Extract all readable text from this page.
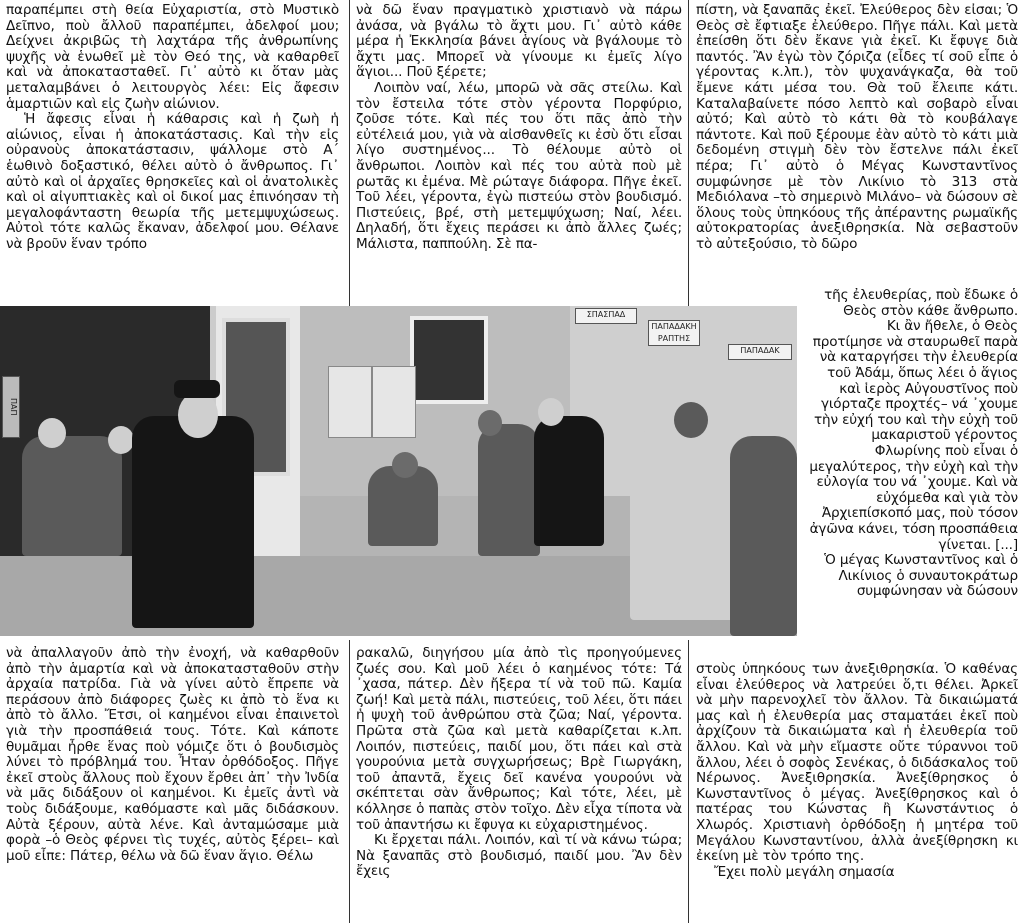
παραπέμπει στὴ θεία Εὐχαριστία, στὸ Μυστικὸ Δεῖπνο, ποὺ ἄλλοῦ παραπέμπει, ἀδελφοί μου; Δείχνει ἀκριβῶς τὴ λαχτάρα τῆς ἀνθρωπίνης ψυχῆς νὰ ἑνωθεῖ μὲ τὸν Θεό της, νὰ καθαρθεῖ καὶ νὰ ἀποκατασταθεῖ. Γι᾽ αὐτὸ κι ὅταν μὰς μεταλαμβάνει ὁ λειτουργὸς λέει: Εἰς ἄφεσιν ἁμαρτιῶν καὶ εἰς ζωὴν αἰώνιον.

Ἡ ἄφεσις εἶναι ἡ κάθαρσις καὶ ἡ ζωὴ ἡ αἰώνιος, εἶναι ἡ ἀποκατάστασις. Καὶ τὴν εἰς οὐρανοὺς ἀποκατάστασιν, ψάλλομε στὸ Α΄ ἑωθινὸ δοξαστικό, θέλει αὐτὸ ὁ ἄνθρωπος. Γι᾽ αὐτὸ καὶ οἱ ἀρχαῖες θρησκεῖες καὶ οἱ ἀνατολικὲς καὶ οἱ αἰγυπτιακὲς καὶ οἱ δικοί μας ἐπινόησαν τὴ μεγαλοφάνταστη θεωρία τῆς μετεμψυχώσεως. Αὐτοὶ τότε καλῶς ἔκαναν, ἀδελφοί μου. Θέλανε νὰ βροῦν ἕναν τρόπο

νὰ δῶ ἕναν πραγματικὸ χριστιανὸ νὰ πάρω ἀνάσα, νὰ βγάλω τὸ ἄχτι μου. Γι᾽ αὐτὸ κάθε μέρα ἡ Ἐκκλησία βάνει ἁγίους νὰ βγάλουμε τὸ ἄχτι μας. Μπορεῖ νὰ γίνουμε κι ἐμεῖς λίγο ἅγιοι... Ποῦ ξέρετε;

Λοιπὸν ναί, λέω, μπορῶ νὰ σᾶς στείλω. Καὶ τὸν ἔστειλα τότε στὸν γέροντα Πορφύριο, ζοῦσε τότε. Καὶ πές του ὅτι πᾶς ἀπὸ τὴν εὐτέλειά μου, γιὰ νὰ αἰσθανθεῖς κι ἐσὺ ὅτι εἶσαι λίγο συστημένος... Τὸ θέλουμε αὐτὸ οἱ ἄνθρωποι. Λοιπὸν καὶ πές του αὐτὰ ποὺ μὲ ρωτᾶς κι ἐμένα. Μὲ ρώταγε διάφορα. Πῆγε ἐκεῖ. Τοῦ λέει, γέροντα, ἐγὼ πιστεύω στὸν βουδισμό. Πιστεύεις, βρέ, στὴ μετεμψύχωση; Ναί, λέει. Δηλαδή, ὅτι ἔχεις περάσει κι ἀπὸ ἄλλες ζωές; Μάλιστα, παππούλη. Σὲ πα-

πίστη, νὰ ξαναπᾶς ἐκεῖ. Ἐλεύθερος δὲν εἶσαι; Ὁ Θεὸς σὲ ἔφτιαξε ἐλεύθερο. Πῆγε πάλι. Καὶ μετὰ ἐπείσθη ὅτι δὲν ἔκανε γιὰ ἐκεῖ. Κι ἔφυγε διὰ παντός. Ἂν ἐγὼ τὸν ζόριζα (εἶδες τί σοῦ εἶπε ὁ γέροντας κ.λπ.), τὸν ψυχανάγκαζα, θὰ τοῦ ἔμενε κάτι μέσα του. Θὰ τοῦ ἔλειπε κάτι. Καταλαβαίνετε πόσο λεπτὸ καὶ σοβαρὸ εἶναι αὐτό; Καὶ αὐτὸ τὸ κάτι θὰ τὸ κουβάλαγε πάντοτε. Καὶ ποῦ ξέρουμε ἐὰν αὐτὸ τὸ κάτι μιὰ δεδομένη στιγμὴ δὲν τὸν ἔστελνε πάλι ἐκεῖ πέρα; Γι᾽ αὐτὸ ὁ Μέγας Κωνσταντῖνος συμφώνησε μὲ τὸν Λικίνιο τὸ 313 στὰ Μεδιόλανα –τὸ σημερινὸ Μιλάνο– νὰ δώσουν σὲ ὅλους τοὺς ὑπηκόους τῆς ἀπέραντης ρωμαϊκῆς αὐτοκρατορίας ἀνεξιθρησκία. Νὰ σεβαστοῦν τὸ αὐτεξούσιο, τὸ δῶρο

τῆς ἐλευθερίας, ποὺ ἔδωκε ὁ Θεὸς στὸν κάθε ἄνθρωπο.

Κι ἂν ἤθελε, ὁ Θεὸς προτίμησε νὰ σταυρωθεῖ παρὰ νὰ καταργήσει τὴν ἐλευθερία τοῦ Ἀδάμ, ὅπως λέει ὁ ἅγιος καὶ ἱερὸς Αὐγουστῖνος ποὺ γιόρταζε προχτές– νά ᾽χουμε τὴν εὐχή του καὶ τὴν εὐχὴ τοῦ μακαριστοῦ γέροντος Φλωρίνης ποὺ εἶναι ὁ μεγαλύτερος, τὴν εὐχὴ καὶ τὴν εὐλογία του νά ᾽χουμε. Καὶ νὰ εὐχόμεθα καὶ γιὰ τὸν Ἀρχιεπίσκοπό μας, ποὺ τόσον ἀγῶνα κάνει, τόση προσπάθεια γίνεται. [...]

Ὁ μέγας Κωνσταντῖνος καὶ ὁ Λικίνιος ὁ συναυτοκράτωρ συμφώνησαν νὰ δώσουν

ΠΑΠ
ΣΠΑΣΠΑΔ
ΠΑΠΑΔΑΚΗ ΡΑΠΤΗΣ
ΠΑΠΑΔΑΚ

νὰ ἀπαλλαγοῦν ἀπὸ τὴν ἐνοχή, νὰ καθαρθοῦν ἀπὸ τὴν ἁμαρτία καὶ νὰ ἀποκατασταθοῦν στὴν ἀρχαία πατρίδα. Γιὰ νὰ γίνει αὐτὸ ἔπρεπε νὰ περάσουν ἀπὸ διάφορες ζωὲς κι ἀπὸ τὸ ἕνα κι ἀπὸ τὸ ἄλλο. Ἔτσι, οἱ καημένοι εἶναι ἐπαινετοὶ γιὰ τὴν προσπάθειά τους. Τότε. Καὶ κάποτε θυμᾶμαι ἦρθε ἕνας ποὺ νόμιζε ὅτι ὁ βουδισμὸς λύνει τὸ πρόβλημά του. Ἦταν ὀρθόδοξος. Πῆγε ἐκεῖ στοὺς ἄλλους ποὺ ἔχουν ἔρθει ἀπ᾽ τὴν Ἰνδία νὰ μᾶς διδάξουν οἱ καημένοι. Κι ἐμεῖς ἀντὶ νὰ τοὺς διδάξουμε, καθόμαστε καὶ μᾶς διδάσκουν. Αὐτὰ ξέρουν, αὐτὰ λένε. Καὶ ἀνταμώσαμε μιὰ φορὰ –ὁ Θεὸς φέρνει τὶς τυχές, αὐτὸς ξέρει– καὶ μοῦ εἶπε: Πάτερ, θέλω νὰ δῶ ἕναν ἅγιο. Θέλω

ρακαλῶ, διηγήσου μία ἀπὸ τὶς προηγούμενες ζωές σου. Καὶ μοῦ λέει ὁ καημένος τότε: Τά ᾽χασα, πάτερ. Δὲν ἤξερα τί νὰ τοῦ πῶ. Καμία ζωή! Καὶ μετὰ πάλι, πιστεύεις, τοῦ λέει, ὅτι πάει ἡ ψυχὴ τοῦ ἀνθρώπου στὰ ζῶα; Ναί, γέροντα. Πρῶτα στὰ ζῶα καὶ μετὰ καθαρίζεται κ.λπ. Λοιπόν, πιστεύεις, παιδί μου, ὅτι πάει καὶ στὰ γουρούνια μετὰ συγχωρήσεως; Βρὲ Γιωργάκη, τοῦ ἀπαντᾶ, ἔχεις δεῖ κανένα γουρούνι νὰ σκέπτεται σὰν ἄνθρωπος; Καὶ τότε, λέει, μὲ κόλλησε ὁ παπὰς στὸν τοῖχο. Δὲν εἶχα τίποτα νὰ τοῦ ἀπαντήσω κι ἔφυγα κι εὐχαριστημένος.

Κι ἔρχεται πάλι. Λοιπόν, καὶ τί νὰ κάνω τώρα; Νὰ ξαναπᾶς στὸ βουδισμό, παιδί μου. Ἂν δὲν ἔχεις

στοὺς ὑπηκόους των ἀνεξιθρησκία. Ὁ καθένας εἶναι ἐλεύθερος νὰ λατρεύει ὅ,τι θέλει. Ἀρκεῖ νὰ μὴν παρενοχλεῖ τὸν ἄλλον. Τὰ δικαιώματά μας καὶ ἡ ἐλευθερία μας σταματάει ἐκεῖ ποὺ ἀρχίζουν τὰ δικαιώματα καὶ ἡ ἐλευθερία τοῦ ἄλλου. Καὶ νὰ μὴν εἴμαστε οὔτε τύραννοι τοῦ ἄλλου, λέει ὁ σοφὸς Σενέκας, ὁ διδάσκαλος τοῦ Νέρωνος. Ἀνεξιθρησκία. Ἀνεξίθρησκος ὁ Κωνσταντῖνος ὁ μέγας. Ἀνεξίθρησκος καὶ ὁ πατέρας του Κώνστας ἢ Κωνστάντιος ὁ Χλωρός. Χριστιανὴ ὀρθόδοξη ἡ μητέρα τοῦ Μεγάλου Κωνσταντίνου, ἀλλὰ ἀνεξίθρησκη κι ἐκείνη μὲ τὸν τρόπο της.

Ἔχει πολὺ μεγάλη σημασία
